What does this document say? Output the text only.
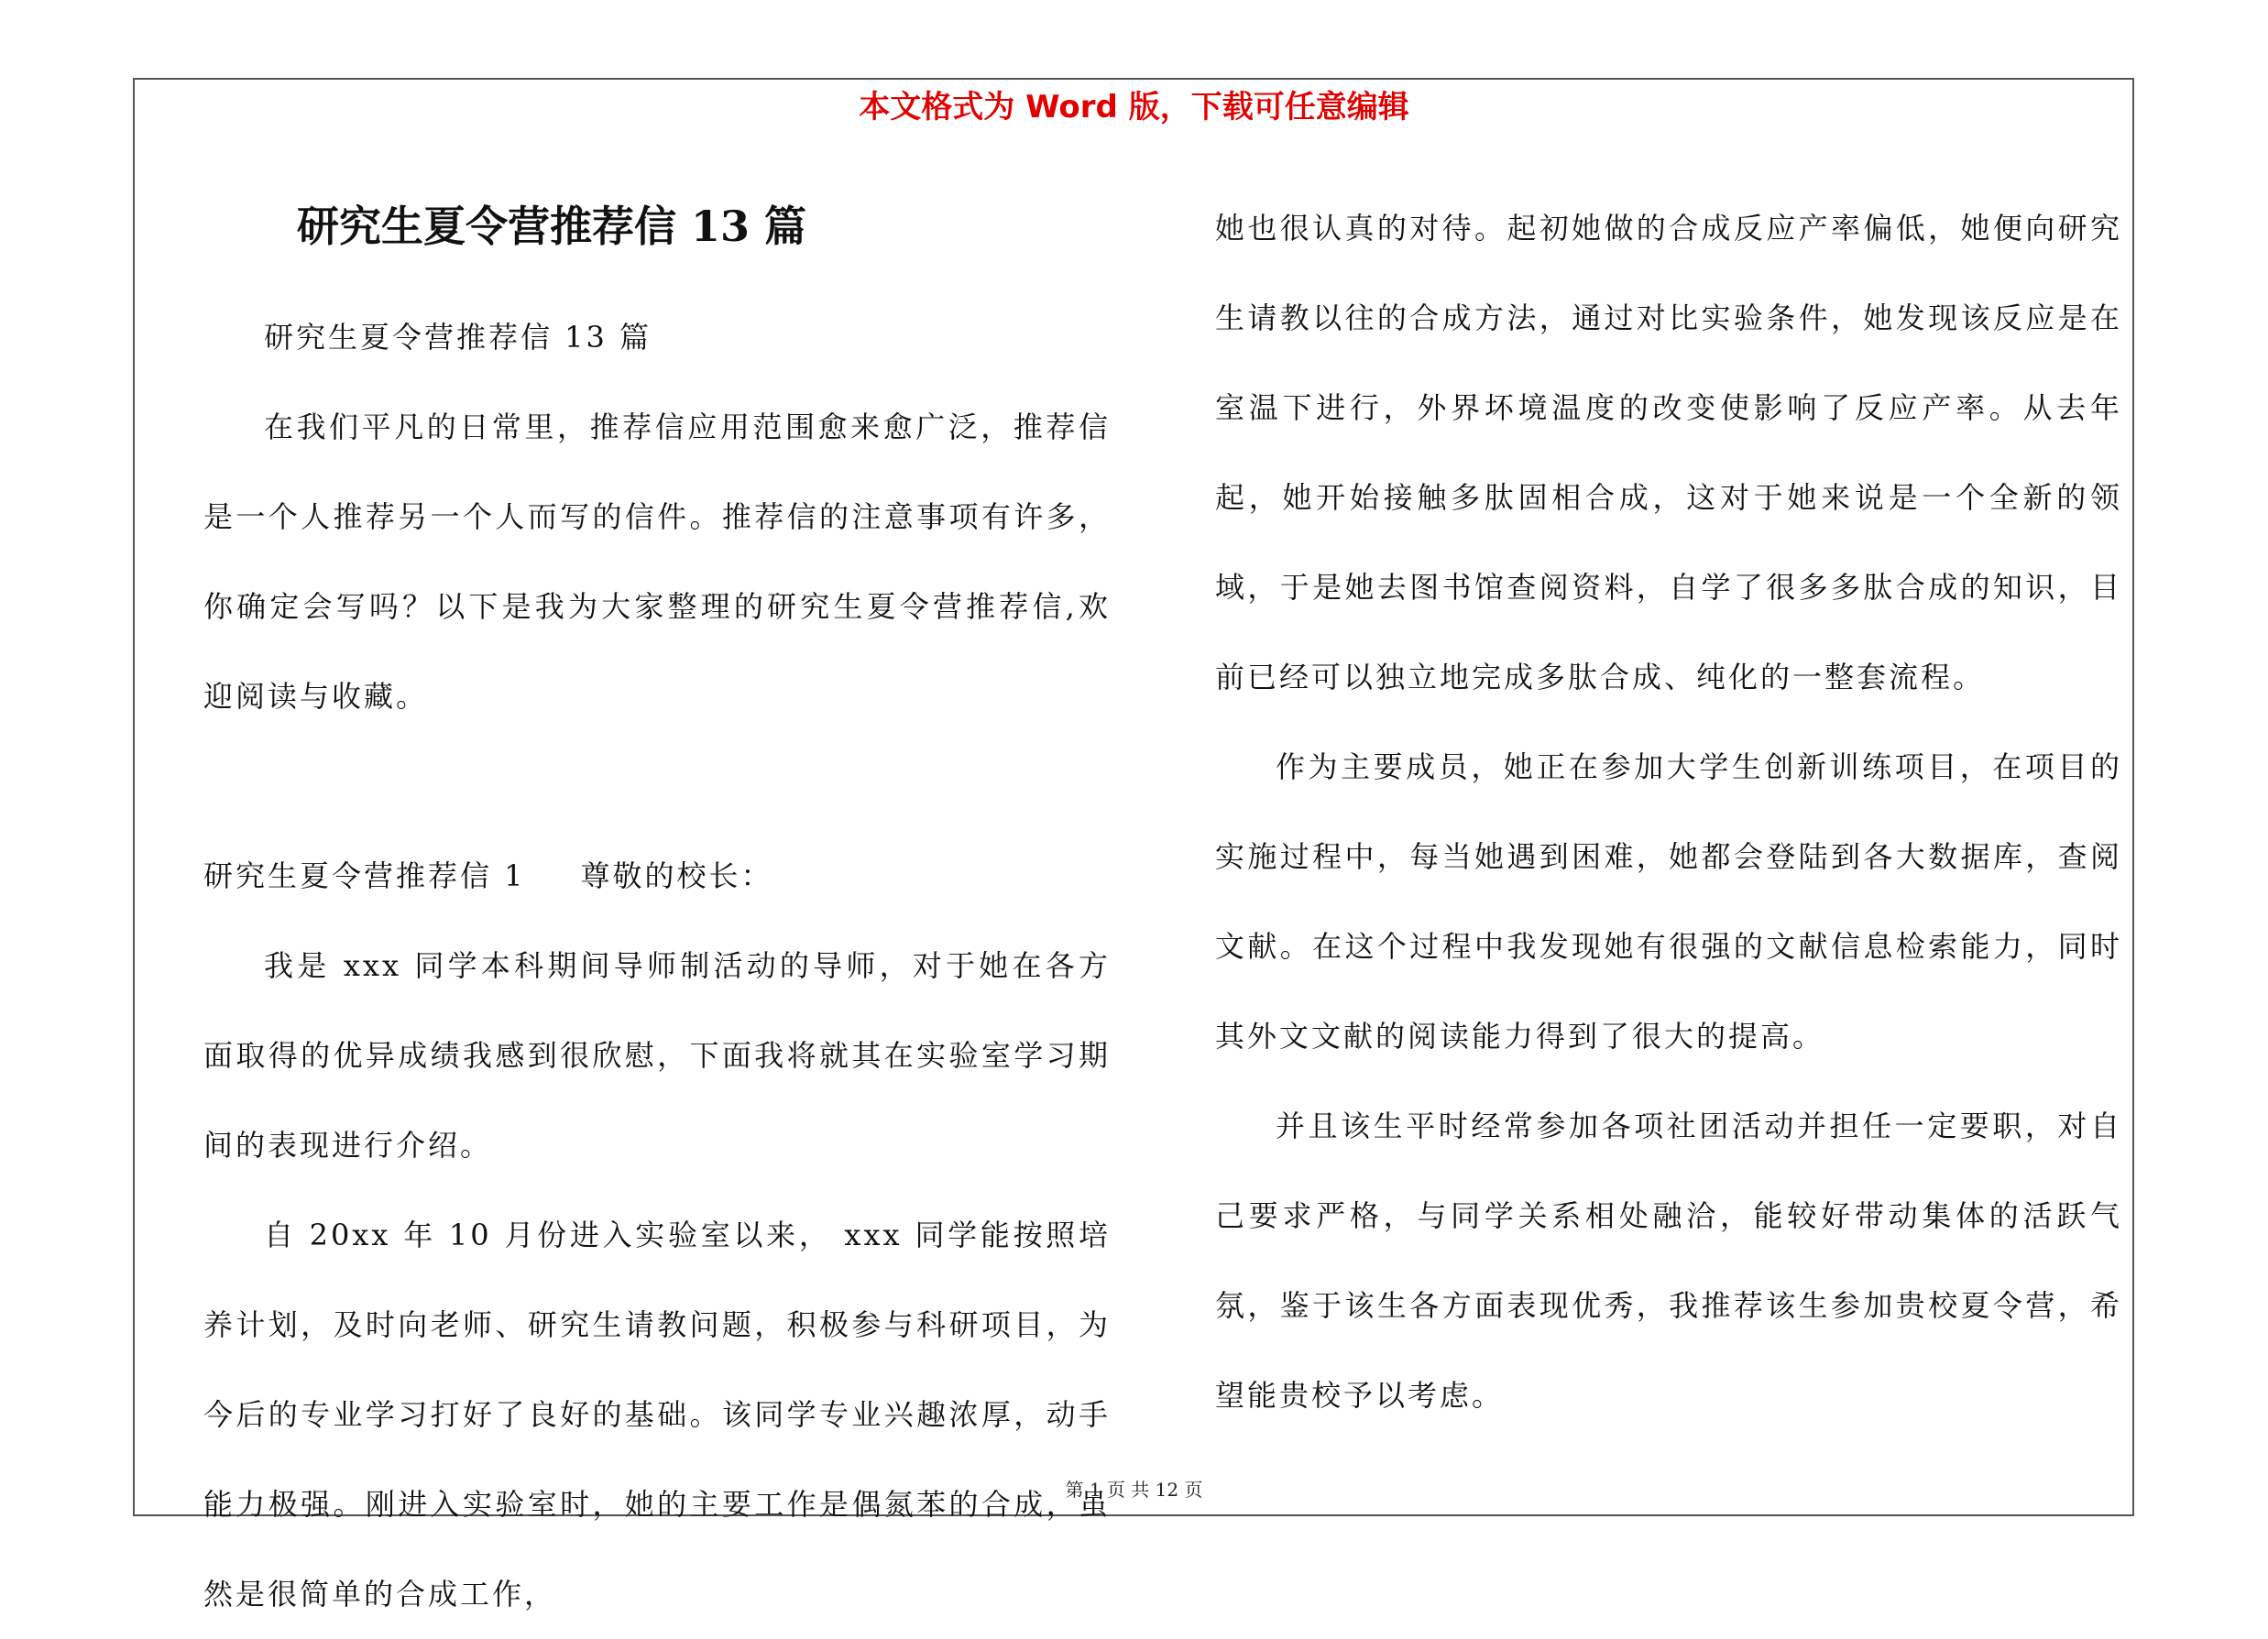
本文格式为 Word 版，下载可任意编辑
研究生夏令营推荐信 13 篇

研究生夏令营推荐信 13 篇

在我们平凡的日常里，推荐信应用范围愈来愈广泛，推荐信是一个人推荐另一个人而写的信件。推荐信的注意事项有许多，你确定会写吗？以下是我为大家整理的研究生夏令营推荐信,欢迎阅读与收藏。

研究生夏令营推荐信 1 尊敬的校长：

我是 xxx 同学本科期间导师制活动的导师，对于她在各方面取得的优异成绩我感到很欣慰，下面我将就其在实验室学习期间的表现进行介绍。

自 20xx 年 10 月份进入实验室以来， xxx 同学能按照培养计划，及时向老师、研究生请教问题，积极参与科研项目，为今后的专业学习打好了良好的基础。该同学专业兴趣浓厚，动手能力极强。刚进入实验室时，她的主要工作是偶氮苯的合成，虽然是很简单的合成工作，

她也很认真的对待。起初她做的合成反应产率偏低，她便向研究生请教以往的合成方法，通过对比实验条件，她发现该反应是在室温下进行，外界坏境温度的改变使影响了反应产率。从去年起，她开始接触多肽固相合成，这对于她来说是一个全新的领域，于是她去图书馆查阅资料，自学了很多多肽合成的知识，目前已经可以独立地完成多肽合成、纯化的一整套流程。

作为主要成员，她正在参加大学生创新训练项目，在项目的实施过程中，每当她遇到困难，她都会登陆到各大数据库，查阅文献。在这个过程中我发现她有很强的文献信息检索能力，同时其外文文献的阅读能力得到了很大的提高。

并且该生平时经常参加各项社团活动并担任一定要职，对自己要求严格，与同学关系相处融洽，能较好带动集体的活跃气氛，鉴于该生各方面表现优秀，我推荐该生参加贵校夏令营，希望能贵校予以考虑。

第 1 页 共 12 页
